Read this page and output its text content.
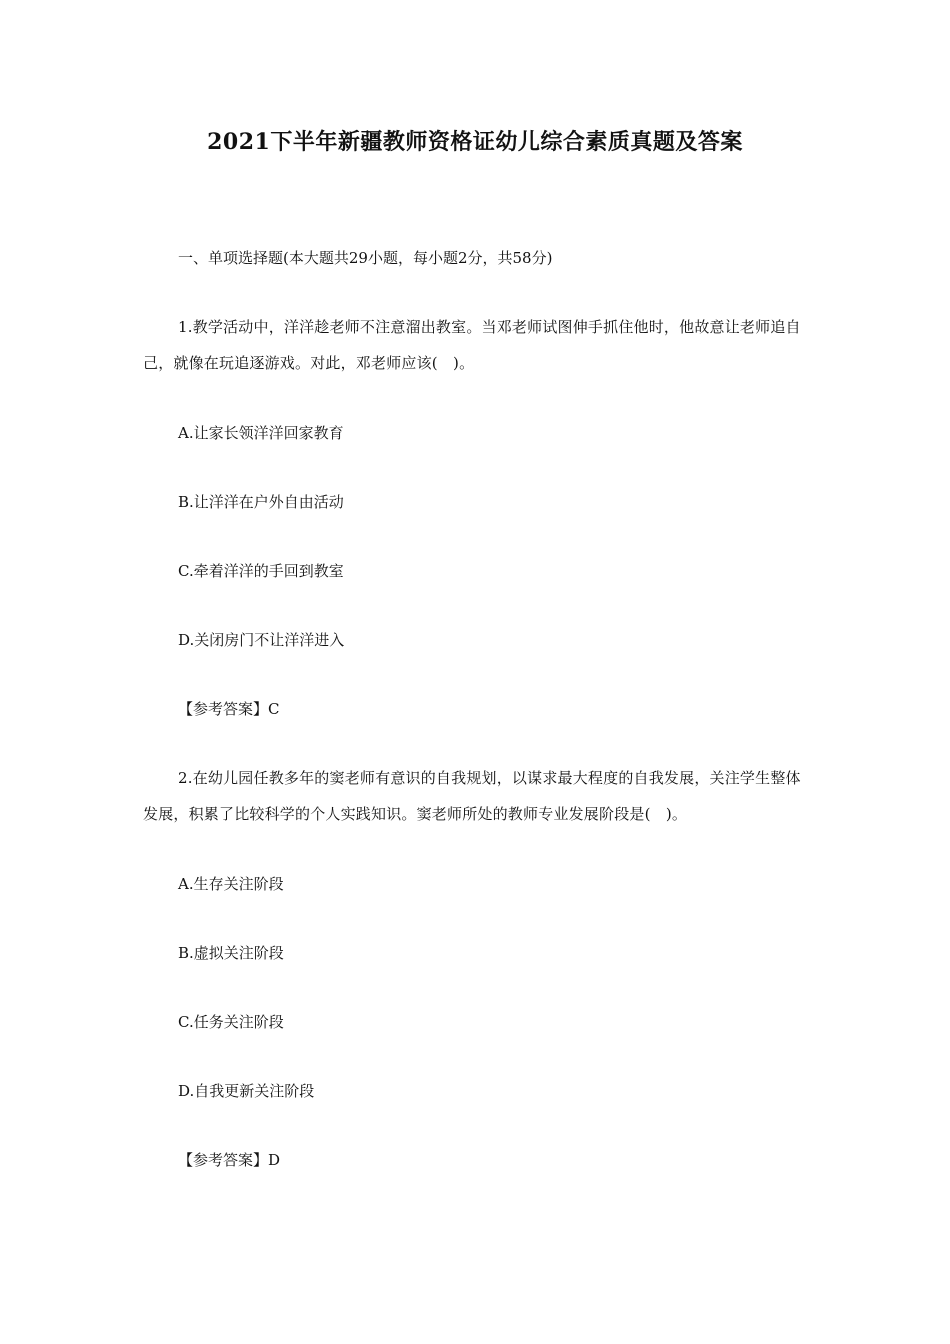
2021下半年新疆教师资格证幼儿综合素质真题及答案
一、单项选择题(本大题共29小题，每小题2分，共58分)
1.教学活动中，洋洋趁老师不注意溜出教室。当邓老师试图伸手抓住他时，他故意让老师追自己，就像在玩追逐游戏。对此，邓老师应该(　)。
A.让家长领洋洋回家教育
B.让洋洋在户外自由活动
C.牵着洋洋的手回到教室
D.关闭房门不让洋洋进入
【参考答案】C
2.在幼儿园任教多年的窦老师有意识的自我规划，以谋求最大程度的自我发展，关注学生整体发展，积累了比较科学的个人实践知识。窦老师所处的教师专业发展阶段是(　)。
A.生存关注阶段
B.虚拟关注阶段
C.任务关注阶段
D.自我更新关注阶段
【参考答案】D
